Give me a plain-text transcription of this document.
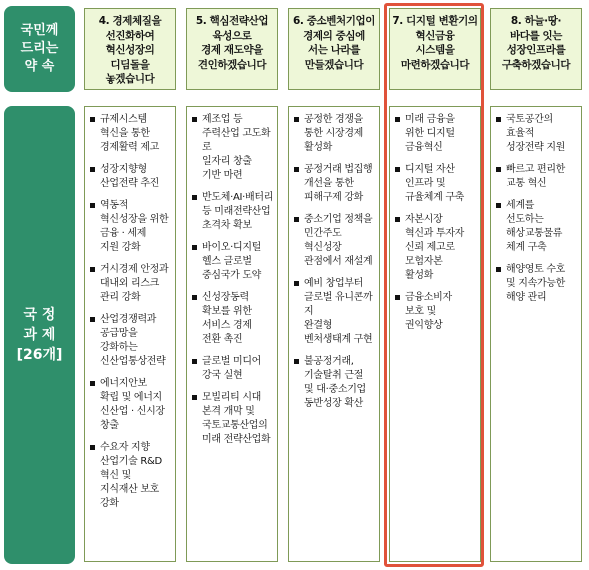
국민께
드리는
약 속
국 정
과 제
[26개]
4. 경제체질을
선진화하여
혁신성장의
디딤돌을
놓겠습니다
규제시스템
혁신을 통한
경제활력 제고
성장지향형
산업전략 추진
역동적
혁신성장을 위한
금융 · 세제
지원 강화
거시경제 안정과
대내외 리스크
관리 강화
산업경쟁력과
공급망을
강화하는
신산업통상전략
에너지안보
확립 및 에너지
신산업 · 신시장
창출
수요자 지향
산업기술 R&D
혁신 및
지식재산 보호
강화
5. 핵심전략산업
육성으로
경제 재도약을
견인하겠습니다
제조업 등
주력산업 고도화로
일자리 창출
기반 마련
반도체·AI·배터리
등 미래전략산업
초격차 확보
바이오·디지털
헬스 글로벌
중심국가 도약
신성장동력
확보를 위한
서비스 경제
전환 촉진
글로벌 미디어
강국 실현
모빌리티 시대
본격 개막 및
국토교통산업의
미래 전략산업화
6. 중소벤처기업이
경제의 중심에
서는 나라를
만들겠습니다
공정한 경쟁을
통한 시장경제
활성화
공정거래 법집행
개선을 통한
피해구제 강화
중소기업 정책을
민간주도
혁신성장
관점에서 재설계
예비 창업부터
글로벌 유니콘까지
완결형
벤처생태계 구현
불공정거래,
기술탈취 근절
및 대·중소기업
동반성장 확산
7. 디지털 변환기의
혁신금융
시스템을
마련하겠습니다
미래 금융을
위한 디지털
금융혁신
디지털 자산
인프라 및
규율체계 구축
자본시장
혁신과 투자자
신뢰 제고로
모험자본
활성화
금융소비자
보호 및
권익향상
8. 하늘·땅·
바다를 잇는
성장인프라를
구축하겠습니다
국토공간의
효율적
성장전략 지원
빠르고 편리한
교통 혁신
세계를
선도하는
해상교통물류
체계 구축
해양영토 수호
및 지속가능한
해양 관리
